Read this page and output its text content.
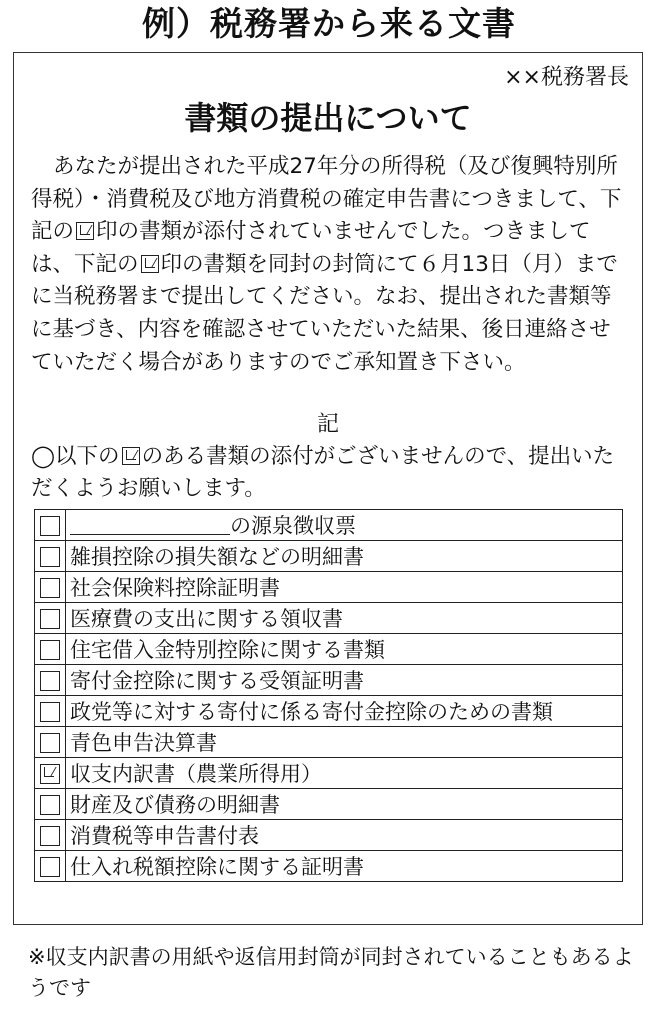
例）税務署から来る文書
××税務署長
書類の提出について
あなたが提出された平成27年分の所得税（及び復興特別所得税）・消費税及び地方消費税の確定申告書につきまして、下記の 印の書類が添付されていませんでした。つきましては、下記の 印の書類を同封の封筒にて６月13日（月）までに当税務署まで提出してください。なお、提出された書類等に基づき、内容を確認させていただいた結果、後日連絡させていただく場合がありますのでご承知置き下さい。
記
◯以下の のある書類の添付がございませんので、提出いただくようお願いします。
	の源泉徴収票
	雑損控除の損失額などの明細書
	社会保険料控除証明書
	医療費の支出に関する領収書
	住宅借入金特別控除に関する書類
	寄付金控除に関する受領証明書
	政党等に対する寄付に係る寄付金控除のための書類
	青色申告決算書
	収支内訳書（農業所得用）
	財産及び債務の明細書
	消費税等申告書付表
	仕入れ税額控除に関する証明書
※収支内訳書の用紙や返信用封筒が同封されていることもあるようです
